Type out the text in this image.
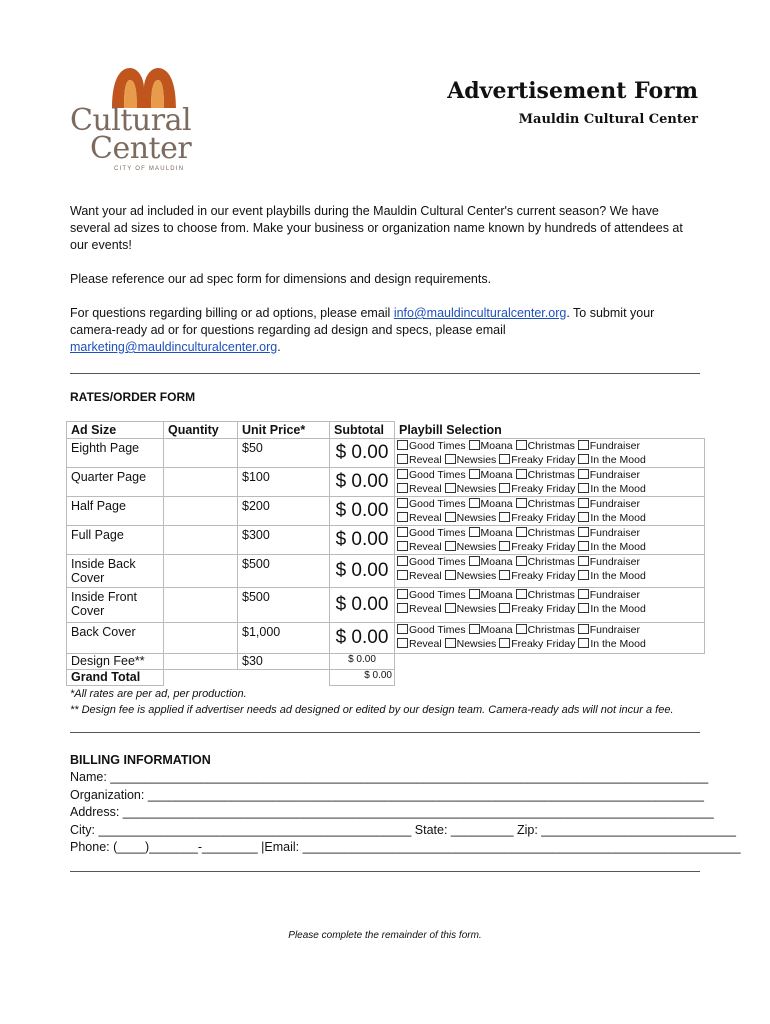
Cultural
Center
CITY OF MAULDIN
Advertisement Form
Mauldin Cultural Center

Want your ad included in our event playbills during the Mauldin Cultural Center's current season? We have several ad sizes to choose from. Make your business or organization name known by hundreds of attendees at our events!

Please reference our ad spec form for dimensions and design requirements.

For questions regarding billing or ad options, please email info@mauldinculturalcenter.org. To submit your camera-ready ad or for questions regarding ad design and specs, please email marketing@mauldinculturalcenter.org.

RATES/ORDER FORM
Ad Size	Quantity	Unit Price*	Subtotal	Playbill Selection
Eighth Page		$50	$ 0.00	Good Times Moana Christmas Fundraiser
Reveal Newsies Freaky Friday In the Mood
Quarter Page		$100	$ 0.00	Good Times Moana Christmas Fundraiser
Reveal Newsies Freaky Friday In the Mood
Half Page		$200	$ 0.00	Good Times Moana Christmas Fundraiser
Reveal Newsies Freaky Friday In the Mood
Full Page		$300	$ 0.00	Good Times Moana Christmas Fundraiser
Reveal Newsies Freaky Friday In the Mood
Inside Back Cover		$500	$ 0.00	Good Times Moana Christmas Fundraiser
Reveal Newsies Freaky Friday In the Mood
Inside Front Cover		$500	$ 0.00	Good Times Moana Christmas Fundraiser
Reveal Newsies Freaky Friday In the Mood
Back Cover		$1,000	$ 0.00	Good Times Moana Christmas Fundraiser
Reveal Newsies Freaky Friday In the Mood
Design Fee**		$30	$ 0.00	
Grand Total			$ 0.00	
*All rates are per ad, per production.
** Design fee is applied if advertiser needs ad designed or edited by our design team. Camera-ready ads will not incur a fee.
BILLING INFORMATION
Name: ______________________________________________________________________________________
Organization: ________________________________________________________________________________
Address: _____________________________________________________________________________________
City: _____________________________________________ State: _________ Zip: ____________________________
Phone: (____)_______-________ |Email: _______________________________________________________________
Please complete the remainder of this form.
